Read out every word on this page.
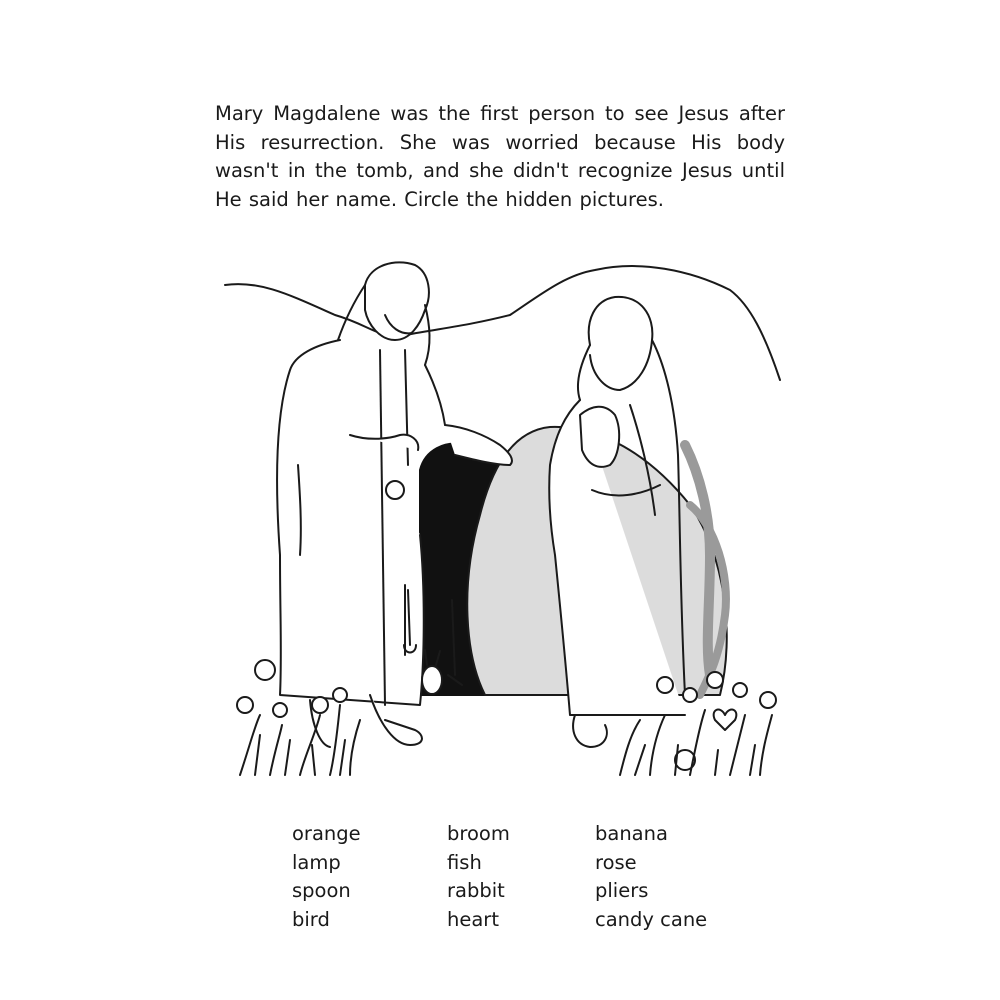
Mary Magdalene was the first person to see Jesus after His resurrection. She was worried because His body wasn't in the tomb, and she didn't recognize Jesus until He said her name. Circle the hidden pictures.

orange
lamp
spoon
bird
broom
fish
rabbit
heart
banana
rose
pliers
candy cane
